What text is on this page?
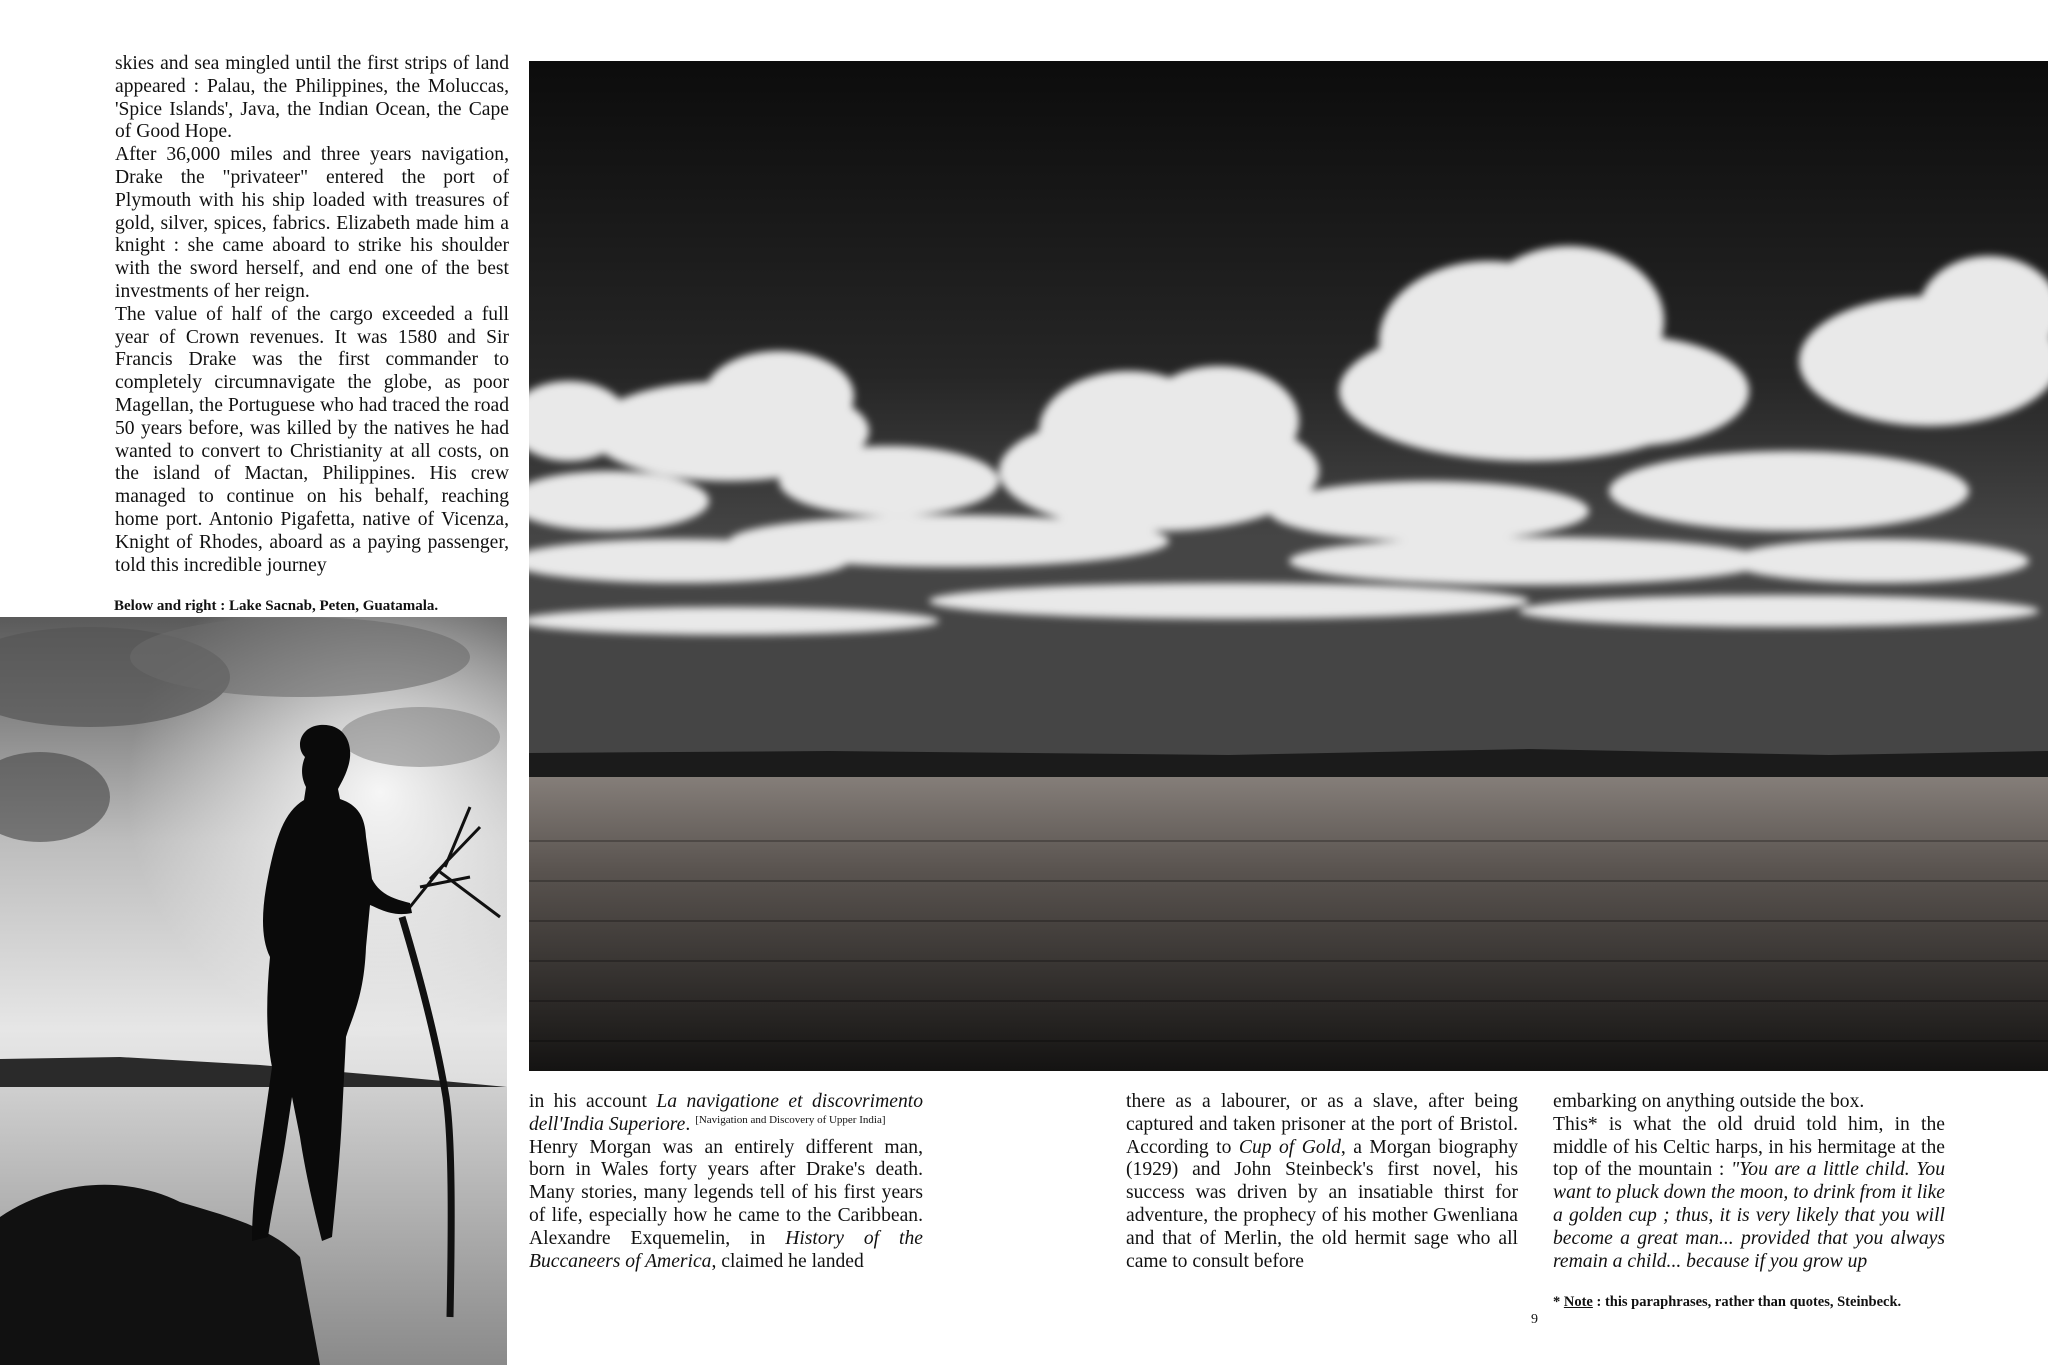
skies and sea mingled until the first strips of land appeared : Palau, the Philippines, the Moluccas, 'Spice Islands', Java, the Indian Ocean, the Cape of Good Hope.

After 36,000 miles and three years navigation, Drake the "privateer" entered the port of Plymouth with his ship loaded with treasures of gold, silver, spices, fabrics. Elizabeth made him a knight : she came aboard to strike his shoulder with the sword herself, and end one of the best investments of her reign.

The value of half of the cargo exceeded a full year of Crown revenues. It was 1580 and Sir Francis Drake was the first commander to completely circumnavigate the globe, as poor Magellan, the Portuguese who had traced the road 50 years before, was killed by the natives he had wanted to convert to Christianity at all costs, on the island of Mactan, Philippines. His crew managed to continue on his behalf, reaching home port. Antonio Pigafetta, native of Vicenza, Knight of Rhodes, aboard as a paying passenger, told this incredible journey

Below and right : Lake Sacnab, Peten, Guatamala.

in his account La navigatione et discovrimento dell'India Superiore. [Navigation and Discovery of Upper India]

Henry Morgan was an entirely different man, born in Wales forty years after Drake's death. Many stories, many legends tell of his first years of life, especially how he came to the Caribbean. Alexandre Exquemelin, in History of the Buccaneers of America, claimed he landed

there as a labourer, or as a slave, after being captured and taken prisoner at the port of Bristol. According to Cup of Gold, a Morgan biography (1929) and John Steinbeck's first novel, his success was driven by an insatiable thirst for adventure, the prophecy of his mother Gwenliana and that of Merlin, the old hermit sage who all came to consult before

embarking on anything outside the box.

This* is what the old druid told him, in the middle of his Celtic harps, in his hermitage at the top of the mountain : "You are a little child. You want to pluck down the moon, to drink from it like a golden cup ; thus, it is very likely that you will become a great man... provided that you always remain a child... because if you grow up

* Note : this paraphrases, rather than quotes, Steinbeck.
9
